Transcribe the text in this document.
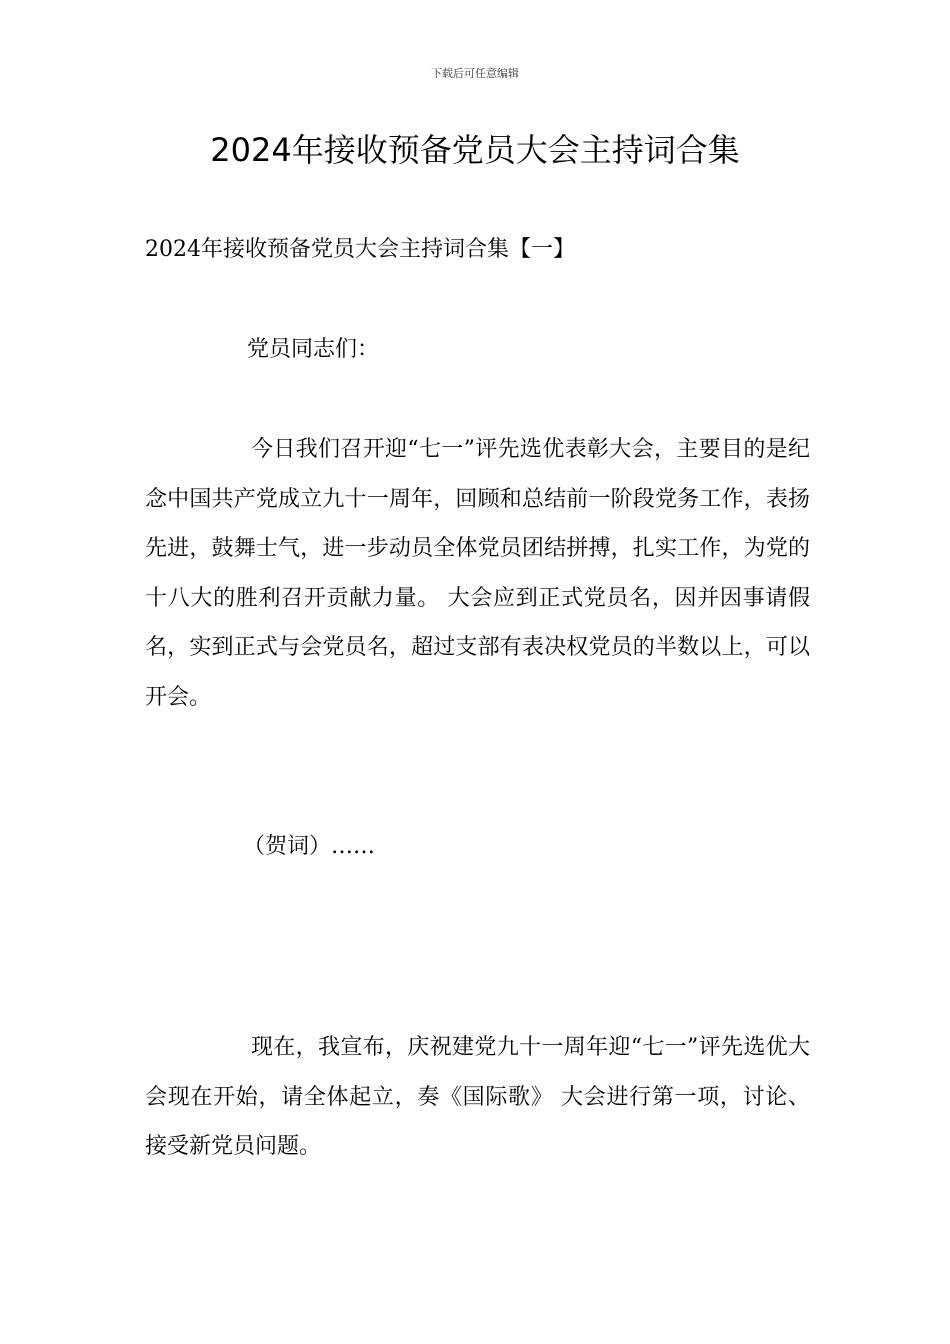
下载后可任意编辑
2024年接收预备党员大会主持词合集
2024年接收预备党员大会主持词合集【一】
党员同志们：

今日我们召开迎“七一”评先选优表彰大会，主要目的是纪念中国共产党成立九十一周年，回顾和总结前一阶段党务工作，表扬先进，鼓舞士气，进一步动员全体党员团结拼搏，扎实工作，为党的十八大的胜利召开贡献力量。 大会应到正式党员名，因并因事请假名，实到正式与会党员名，超过支部有表决权党员的半数以上，可以开会。

（贺词）……

现在，我宣布，庆祝建党九十一周年迎“七一”评先选优大会现在开始，请全体起立，奏《国际歌》 大会进行第一项，讨论、接受新党员问题。
